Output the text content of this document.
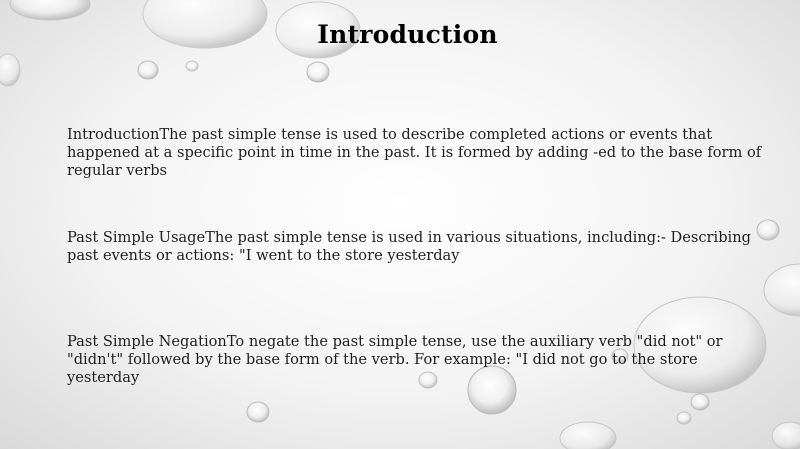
Introduction
IntroductionThe past simple tense is used to describe completed actions or events that happened at a specific point in time in the past. It is formed by adding -ed to the base form of regular verbs
Past Simple UsageThe past simple tense is used in various situations, including:- Describing past events or actions: "I went to the store yesterday
Past Simple NegationTo negate the past simple tense, use the auxiliary verb "did not" or "didn't" followed by the base form of the verb. For example: "I did not go to the store yesterday
